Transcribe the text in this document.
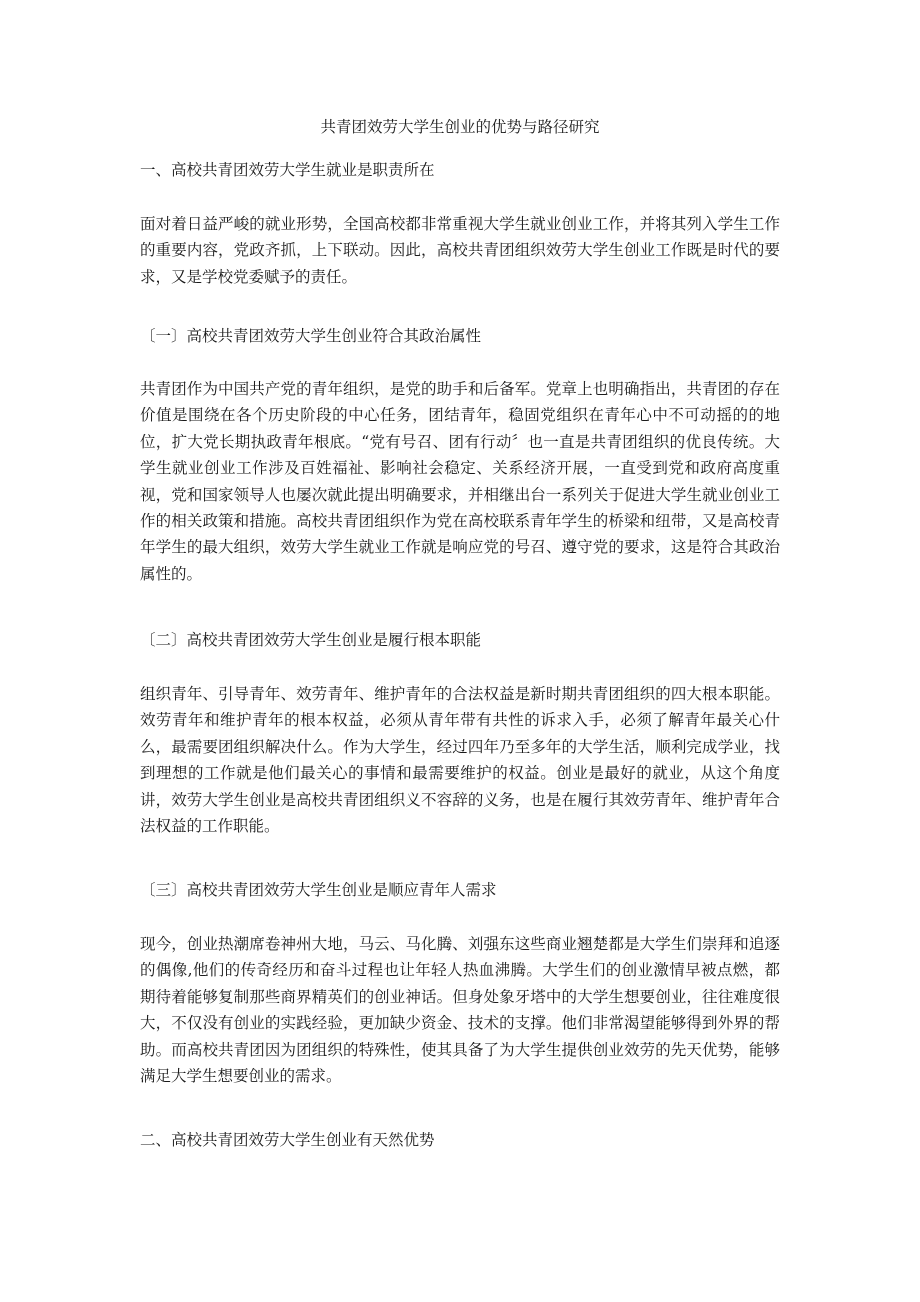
共青团效劳大学生创业的优势与路径研究

一、高校共青团效劳大学生就业是职责所在

面对着日益严峻的就业形势，全国高校都非常重视大学生就业创业工作，并将其列入学生工作的重要内容，党政齐抓，上下联动。因此，高校共青团组织效劳大学生创业工作既是时代的要求，又是学校党委赋予的责任。

〔一〕高校共青团效劳大学生创业符合其政治属性

共青团作为中国共产党的青年组织，是党的助手和后备军。党章上也明确指出，共青团的存在价值是围绕在各个历史阶段的中心任务，团结青年，稳固党组织在青年心中不可动摇的的地位，扩大党长期执政青年根底。“党有号召、团有行动〞也一直是共青团组织的优良传统。大学生就业创业工作涉及百姓福祉、影响社会稳定、关系经济开展，一直受到党和政府高度重视，党和国家领导人也屡次就此提出明确要求，并相继出台一系列关于促进大学生就业创业工作的相关政策和措施。高校共青团组织作为党在高校联系青年学生的桥梁和纽带，又是高校青年学生的最大组织，效劳大学生就业工作就是响应党的号召、遵守党的要求，这是符合其政治属性的。

〔二〕高校共青团效劳大学生创业是履行根本职能

组织青年、引导青年、效劳青年、维护青年的合法权益是新时期共青团组织的四大根本职能。效劳青年和维护青年的根本权益，必须从青年带有共性的诉求入手，必须了解青年最关心什么，最需要团组织解决什么。作为大学生，经过四年乃至多年的大学生活，顺利完成学业，找到理想的工作就是他们最关心的事情和最需要维护的权益。创业是最好的就业，从这个角度讲，效劳大学生创业是高校共青团组织义不容辞的义务，也是在履行其效劳青年、维护青年合法权益的工作职能。

〔三〕高校共青团效劳大学生创业是顺应青年人需求

现今，创业热潮席卷神州大地，马云、马化腾、刘强东这些商业翘楚都是大学生们崇拜和追逐的偶像,他们的传奇经历和奋斗过程也让年轻人热血沸腾。大学生们的创业激情早被点燃，都期待着能够复制那些商界精英们的创业神话。但身处象牙塔中的大学生想要创业，往往难度很大，不仅没有创业的实践经验，更加缺少资金、技术的支撑。他们非常渴望能够得到外界的帮助。而高校共青团因为团组织的特殊性，使其具备了为大学生提供创业效劳的先天优势，能够满足大学生想要创业的需求。

二、高校共青团效劳大学生创业有天然优势
